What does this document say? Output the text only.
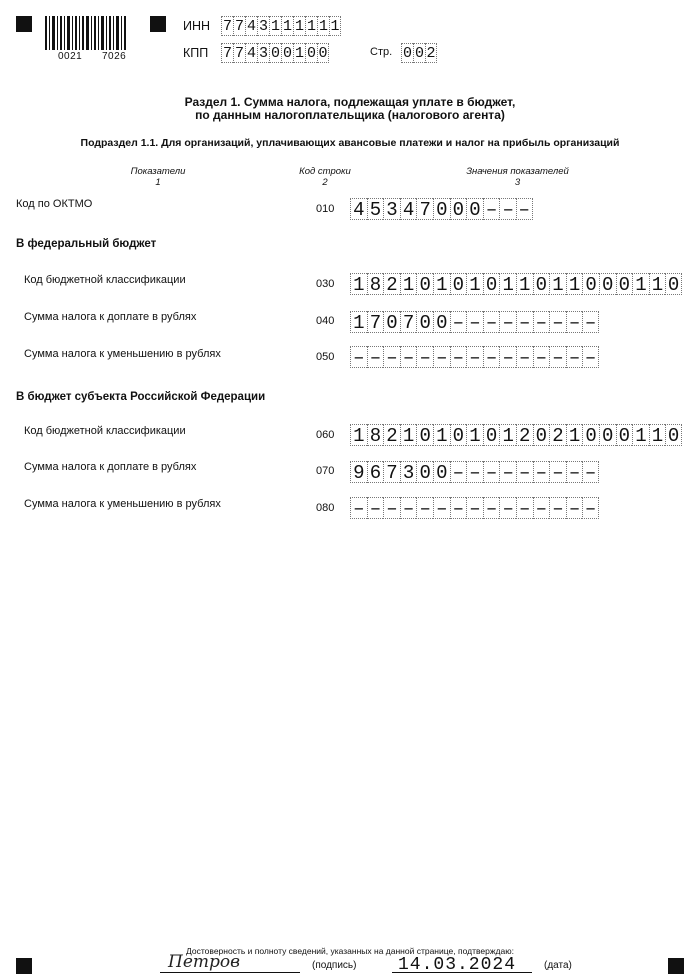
0021 7026
ИНН 7 7 4 3 1 1 1 1 1 1
КПП 7 7 4 3 0 0 1 0 0	Стр. 0 0 2
Раздел 1. Сумма налога, подлежащая уплате в бюджет,
по данным налогоплательщика (налогового агента)
Подраздел 1.1. Для организаций, уплачивающих авансовые платежи и налог на прибыль организаций
Показатели
1
Код строки
2
Значения показателей
3
Код по ОКТМО	010 4 5 3 4 7 0 0 0 – – –
В федеральный бюджет
Код бюджетной классификации	030 1 8 2 1 0 1 0 1 0 1 1 0 1 1 0 0 0 1 1 0
Сумма налога к доплате в рублях	040 1 7 0 7 0 0 – – – – – – – – –
Сумма налога к уменьшению в рублях	050 – – – – – – – – – – – – – – –
В бюджет субъекта Российской Федерации
Код бюджетной классификации	060 1 8 2 1 0 1 0 1 0 1 2 0 2 1 0 0 0 1 1 0
Сумма налога к доплате в рублях	070 9 6 7 3 0 0 – – – – – – – – –
Сумма налога к уменьшению в рублях	080 – – – – – – – – – – – – – – –
Достоверность и полноту сведений, указанных на данной странице, подтверждаю:
Петров	(подпись) 14.03.2024	(дата)
